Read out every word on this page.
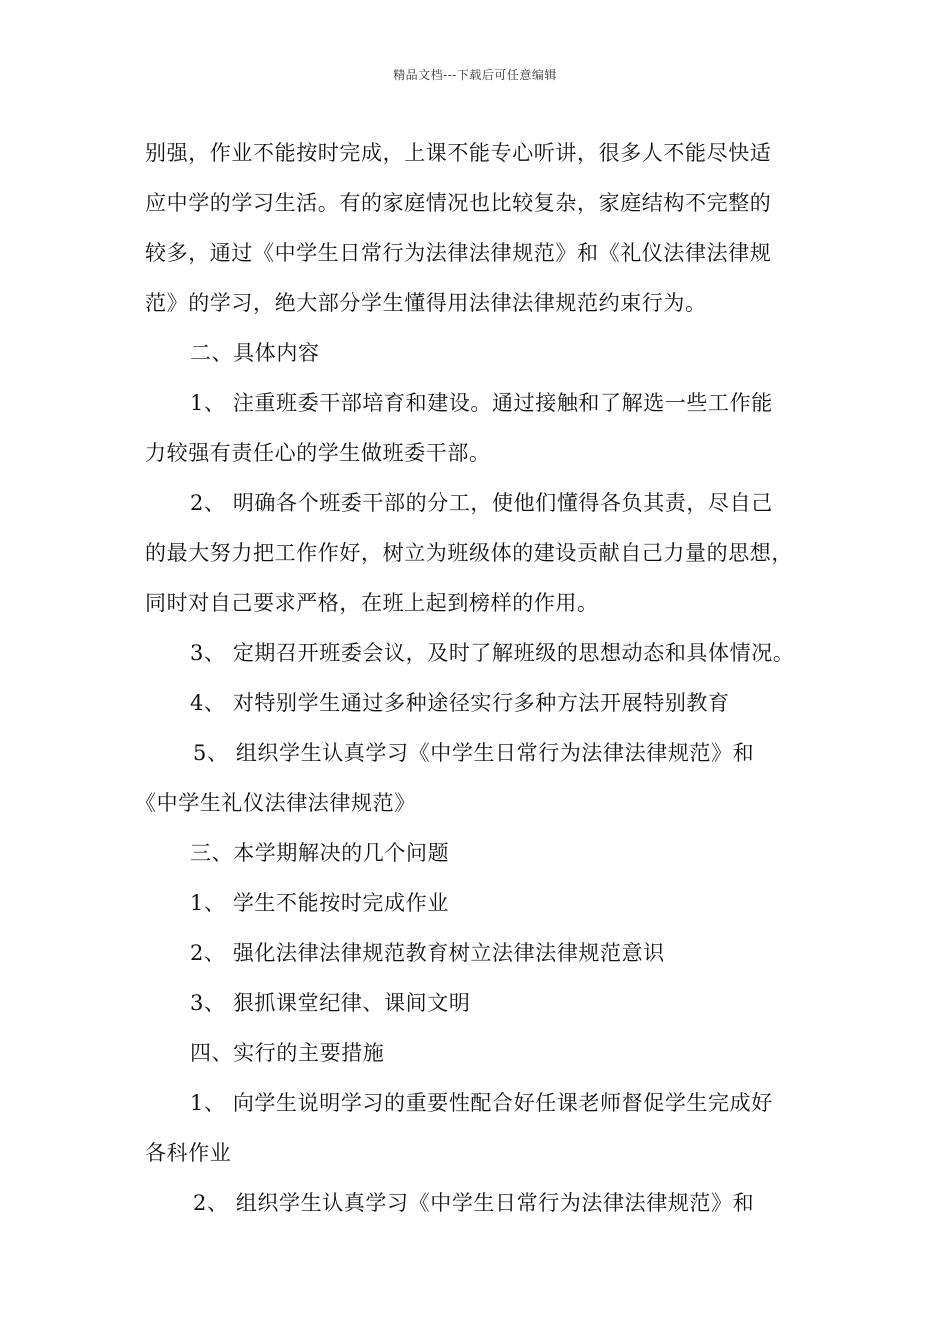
精品文档---下载后可任意编辑
别强，作业不能按时完成，上课不能专心听讲，很多人不能尽快适
应中学的学习生活。有的家庭情况也比较复杂，家庭结构不完整的
较多，通过《中学生日常行为法律法律规范》和《礼仪法律法律规
范》的学习，绝大部分学生懂得用法律法律规范约束行为。
二、具体内容
1、 注重班委干部培育和建设。通过接触和了解选一些工作能
力较强有责任心的学生做班委干部。
2、 明确各个班委干部的分工，使他们懂得各负其责，尽自己
的最大努力把工作作好，树立为班级体的建设贡献自己力量的思想，
同时对自己要求严格，在班上起到榜样的作用。
3、 定期召开班委会议，及时了解班级的思想动态和具体情况。
4、 对特别学生通过多种途径实行多种方法开展特别教育
5、 组织学生认真学习《中学生日常行为法律法律规范》和
《中学生礼仪法律法律规范》
三、本学期解决的几个问题
1、 学生不能按时完成作业
2、 强化法律法律规范教育树立法律法律规范意识
3、 狠抓课堂纪律、课间文明
四、实行的主要措施
1、 向学生说明学习的重要性配合好任课老师督促学生完成好
各科作业
2、 组织学生认真学习《中学生日常行为法律法律规范》和
